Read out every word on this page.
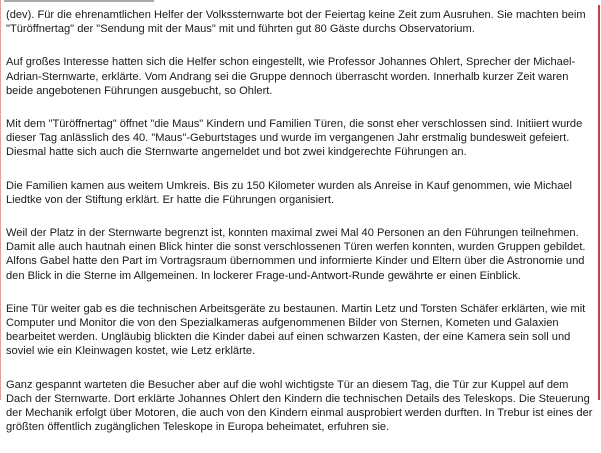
(dev). Für die ehrenamtlichen Helfer der Volkssternwarte bot der Feiertag keine Zeit zum Ausruhen. Sie machten beim "Türöffnertag" der "Sendung mit der Maus" mit und führten gut 80 Gäste durchs Observatorium.

Auf großes Interesse hatten sich die Helfer schon eingestellt, wie Professor Johannes Ohlert, Sprecher der Michael-Adrian-Sternwarte, erklärte. Vom Andrang sei die Gruppe dennoch überrascht worden. Innerhalb kurzer Zeit waren beide angebotenen Führungen ausgebucht, so Ohlert.

Mit dem "Türöffnertag" öffnet "die Maus" Kindern und Familien Türen, die sonst eher verschlossen sind. Initiiert wurde dieser Tag anlässlich des 40. "Maus"-Geburtstages und wurde im vergangenen Jahr erstmalig bundesweit gefeiert. Diesmal hatte sich auch die Sternwarte angemeldet und bot zwei kindgerechte Führungen an.

Die Familien kamen aus weitem Umkreis. Bis zu 150 Kilometer wurden als Anreise in Kauf genommen, wie Michael Liedtke von der Stiftung erklärt. Er hatte die Führungen organisiert.

Weil der Platz in der Sternwarte begrenzt ist, konnten maximal zwei Mal 40 Personen an den Führungen teilnehmen. Damit alle auch hautnah einen Blick hinter die sonst verschlossenen Türen werfen konnten, wurden Gruppen gebildet. Alfons Gabel hatte den Part im Vortragsraum übernommen und informierte Kinder und Eltern über die Astronomie und den Blick in die Sterne im Allgemeinen. In lockerer Frage-und-Antwort-Runde gewährte er einen Einblick.

Eine Tür weiter gab es die technischen Arbeitsgeräte zu bestaunen. Martin Letz und Torsten Schäfer erklärten, wie mit Computer und Monitor die von den Spezialkameras aufgenommenen Bilder von Sternen, Kometen und Galaxien bearbeitet werden. Ungläubig blickten die Kinder dabei auf einen schwarzen Kasten, der eine Kamera sein soll und soviel wie ein Kleinwagen kostet, wie Letz erklärte.

Ganz gespannt warteten die Besucher aber auf die wohl wichtigste Tür an diesem Tag, die Tür zur Kuppel auf dem Dach der Sternwarte. Dort erklärte Johannes Ohlert den Kindern die technischen Details des Teleskops. Die Steuerung der Mechanik erfolgt über Motoren, die auch von den Kindern einmal ausprobiert werden durften. In Trebur ist eines der größten öffentlich zugänglichen Teleskope in Europa beheimatet, erfuhren sie.
